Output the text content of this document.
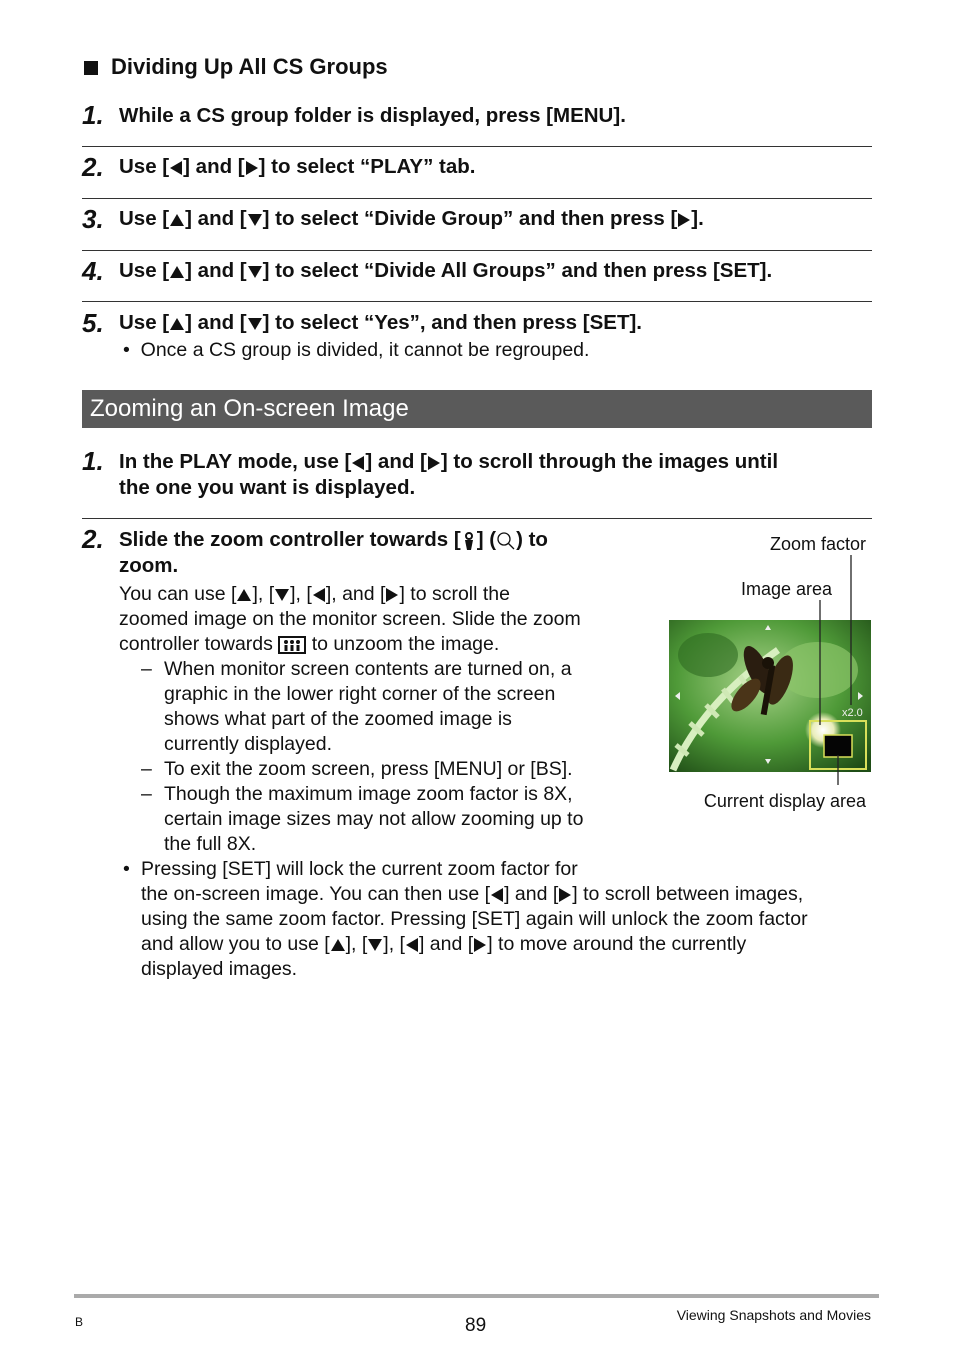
Dividing Up All CS Groups
1. While a CS group folder is displayed, press [MENU].
2. Use [ ] and [ ] to select “PLAY” tab.
3. Use [ ] and [ ] to select “Divide Group” and then press [ ].
4. Use [ ] and [ ] to select “Divide All Groups” and then press [SET].
5. Use [ ] and [ ] to select “Yes”, and then press [SET].
•  Once a CS group is divided, it cannot be regrouped.
Zooming an On-screen Image
1. In the PLAY mode, use [ ] and [ ] to scroll through the images until
the one you want is displayed.
2. Slide the zoom controller towards [ ] ( ) to
zoom.
You can use [ ], [ ], [ ], and [ ] to scroll the
zoomed image on the monitor screen. Slide the zoom
controller towards  to unzoom the image.
– When monitor screen contents are turned on, a
graphic in the lower right corner of the screen
shows what part of the zoomed image is
currently displayed.
– To exit the zoom screen, press [MENU] or [BS].
– Though the maximum image zoom factor is 8X,
certain image sizes may not allow zooming up to
the full 8X.
• Pressing [SET] will lock the current zoom factor for
the on-screen image. You can then use [ ] and [ ] to scroll between images,
using the same zoom factor. Pressing [SET] again will unlock the zoom factor
and allow you to use [ ], [ ], [ ] and [ ] to move around the currently
displayed images.
Zoom factor
Image area
Current display area
x2.0
B	89	Viewing Snapshots and Movies
